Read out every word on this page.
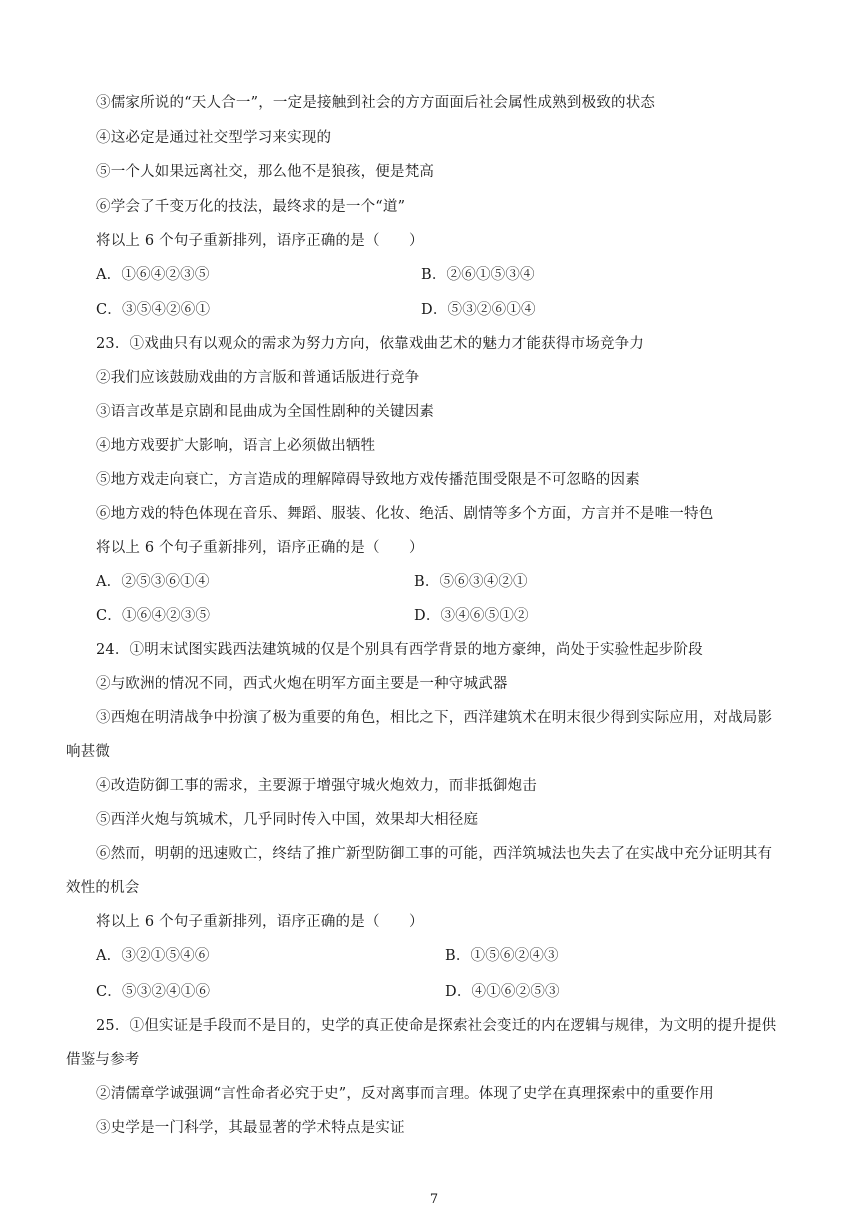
③儒家所说的“天人合一”，一定是接触到社会的方方面面后社会属性成熟到极致的状态
④这必定是通过社交型学习来实现的
⑤一个人如果远离社交，那么他不是狼孩，便是梵高
⑥学会了千变万化的技法，最终求的是一个“道”
将以上 6 个句子重新排列，语序正确的是（　　）
A．①⑥④②③⑤	B．②⑥①⑤③④
C．③⑤④②⑥①	D．⑤③②⑥①④
23．①戏曲只有以观众的需求为努力方向，依靠戏曲艺术的魅力才能获得市场竞争力
②我们应该鼓励戏曲的方言版和普通话版进行竞争
③语言改革是京剧和昆曲成为全国性剧种的关键因素
④地方戏要扩大影响，语言上必须做出牺牲
⑤地方戏走向衰亡，方言造成的理解障碍导致地方戏传播范围受限是不可忽略的因素
⑥地方戏的特色体现在音乐、舞蹈、服装、化妆、绝活、剧情等多个方面，方言并不是唯一特色
将以上 6 个句子重新排列，语序正确的是（　　）
A．②⑤③⑥①④	B．⑤⑥③④②①
C．①⑥④②③⑤	D．③④⑥⑤①②
24．①明末试图实践西法建筑城的仅是个别具有西学背景的地方豪绅，尚处于实验性起步阶段
②与欧洲的情况不同，西式火炮在明军方面主要是一种守城武器
③西炮在明清战争中扮演了极为重要的角色，相比之下，西洋建筑术在明末很少得到实际应用，对战局影
响甚微
④改造防御工事的需求，主要源于增强守城火炮效力，而非抵御炮击
⑤西洋火炮与筑城术，几乎同时传入中国，效果却大相径庭
⑥然而，明朝的迅速败亡，终结了推广新型防御工事的可能，西洋筑城法也失去了在实战中充分证明其有
效性的机会
将以上 6 个句子重新排列，语序正确的是（　　）
A．③②①⑤④⑥	B．①⑤⑥②④③
C．⑤③②④①⑥	D．④①⑥②⑤③
25．①但实证是手段而不是目的，史学的真正使命是探索社会变迁的内在逻辑与规律，为文明的提升提供
借鉴与参考
②清儒章学诚强调“言性命者必究于史”，反对离事而言理。体现了史学在真理探索中的重要作用
③史学是一门科学，其最显著的学术特点是实证
7
